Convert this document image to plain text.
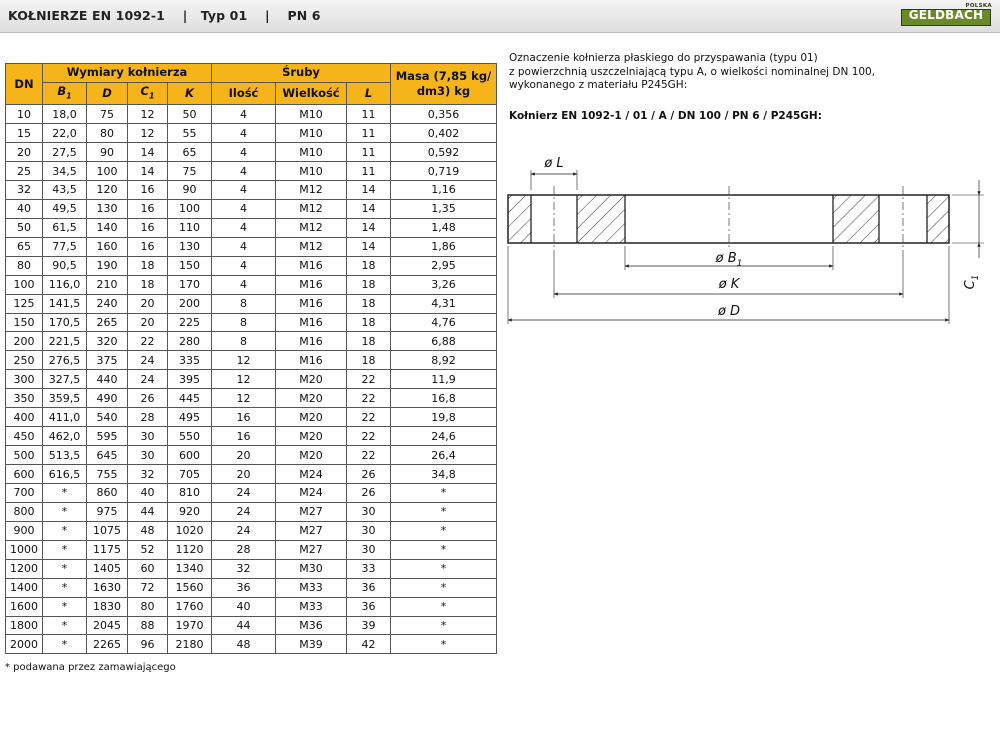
KOŁNIERZE EN 1092-1    |   Typ 01    |    PN 6	GELDBACH
POLSKA
DN	Wymiary kołnierza				Śruby			Masa (7,85 kg/ dm3) kg
	$B_1$	D	$C_1$	K	Ilość	Wielkość	L	
10	18,0	75	12	50	4	M10	11	0,356
15	22,0	80	12	55	4	M10	11	0,402
20	27,5	90	14	65	4	M10	11	0,592
25	34,5	100	14	75	4	M10	11	0,719
32	43,5	120	16	90	4	M12	14	1,16
40	49,5	130	16	100	4	M12	14	1,35
50	61,5	140	16	110	4	M12	14	1,48
65	77,5	160	16	130	4	M12	14	1,86
80	90,5	190	18	150	4	M16	18	2,95
100	116,0	210	18	170	4	M16	18	3,26
125	141,5	240	20	200	8	M16	18	4,31
150	170,5	265	20	225	8	M16	18	4,76
200	221,5	320	22	280	8	M16	18	6,88
250	276,5	375	24	335	12	M16	18	8,92
300	327,5	440	24	395	12	M20	22	11,9
350	359,5	490	26	445	12	M20	22	16,8
400	411,0	540	28	495	16	M20	22	19,8
450	462,0	595	30	550	16	M20	22	24,6
500	513,5	645	30	600	20	M20	22	26,4
600	616,5	755	32	705	20	M24	26	34,8
700	*	860	40	810	24	M24	26	*
800	*	975	44	920	24	M27	30	*
900	*	1075	48	1020	24	M27	30	*
1000	*	1175	52	1120	28	M27	30	*
1200	*	1405	60	1340	32	M30	33	*
1400	*	1630	72	1560	36	M33	36	*
1600	*	1830	80	1760	40	M33	36	*
1800	*	2045	88	1970	44	M36	39	*
2000	*	2265	96	2180	48	M39	42	*
* podawana przez zamawiającego

Oznaczenie kołnierza płaskiego do przyspawania (typu 01)

z powierzchnią uszczelniającą typu A, o wielkości nominalnej DN 100,

wykonanego z materiału P245GH:

Kołnierz EN 1092-1 / 01 / A / DN 100 / PN 6 / P245GH:

ø L
ø $B_1$
ø K
ø D
$C_1$
